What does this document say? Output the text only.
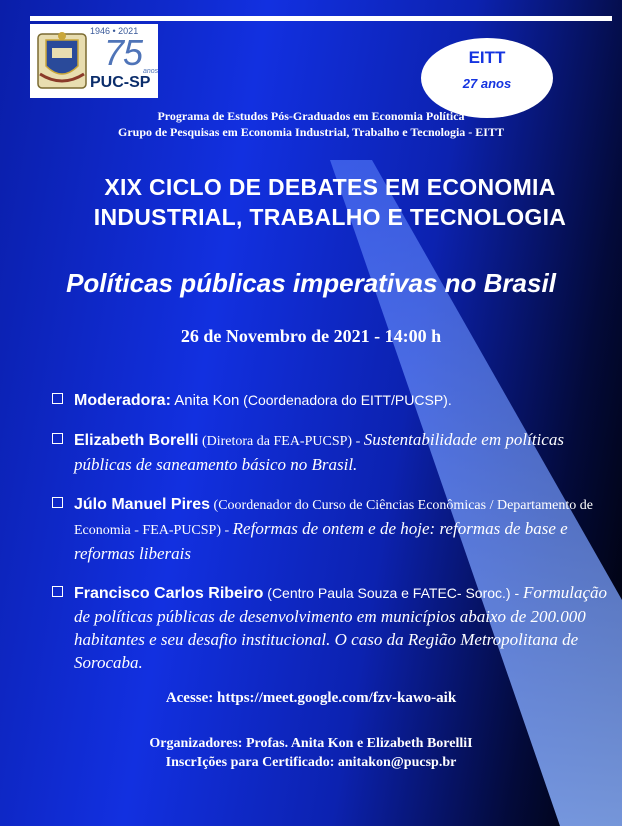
1946 • 2021
75 anos
PUC-SP
EITT
27 anos
Programa de Estudos Pós-Graduados em Economia Política
Grupo de Pesquisas em Economia Industrial, Trabalho e Tecnologia - EITT
XIX CICLO DE DEBATES EM ECONOMIA
INDUSTRIAL, TRABALHO E TECNOLOGIA
Políticas públicas imperativas no Brasil
26 de Novembro de 2021 - 14:00 h
Moderadora: Anita Kon (Coordenadora do EITT/PUCSP).
Elizabeth Borelli (Diretora da FEA-PUCSP) - Sustentabilidade em políticas públicas de saneamento básico no Brasil.
Júlo Manuel Pires (Coordenador do Curso de Ciências Econômicas / Departamento de Economia - FEA-PUCSP) - Reformas de ontem e de hoje: reformas de base e reformas liberais
Francisco Carlos Ribeiro (Centro Paula Souza e FATEC- Soroc.) - Formulação de políticas públicas de desenvolvimento em municípios abaixo de 200.000 habitantes e seu desafio institucional. O caso da Região Metropolitana de Sorocaba.
Acesse: https://meet.google.com/fzv-kawo-aik
Organizadores: Profas. Anita Kon e Elizabeth BorelliI
InscrIções para Certificado: anitakon@pucsp.br
